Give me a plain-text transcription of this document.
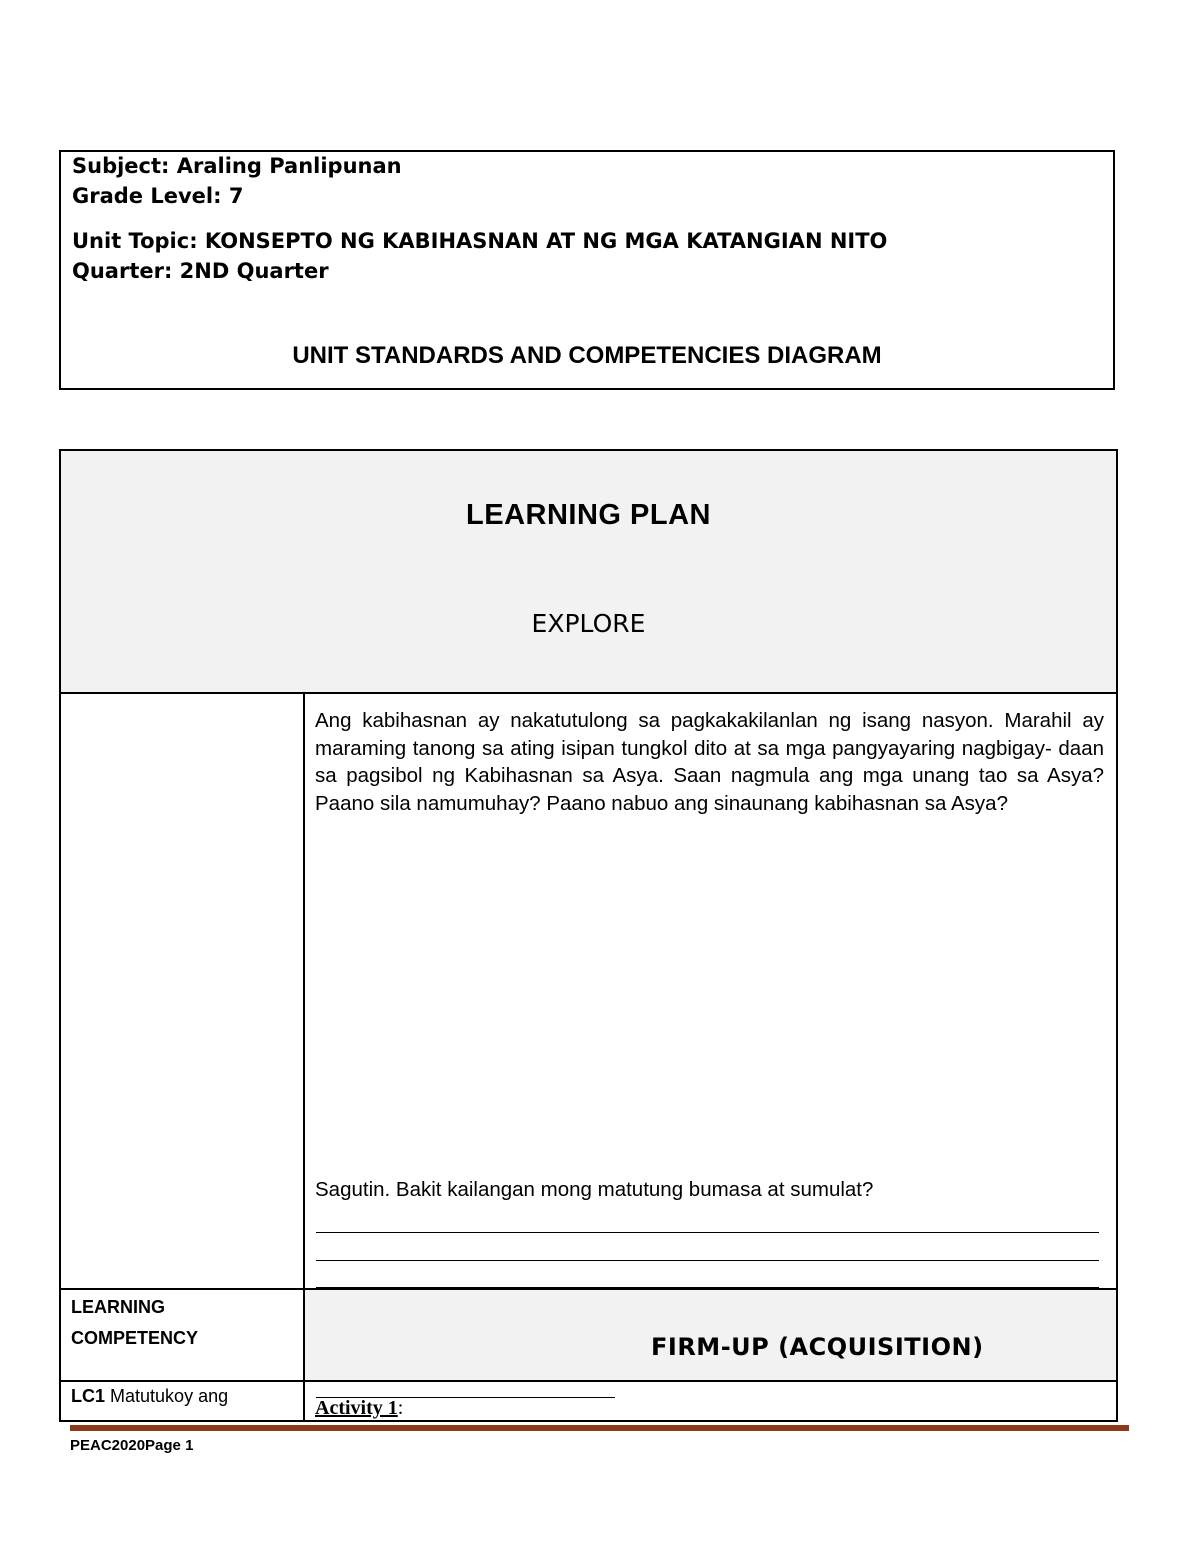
Subject: Araling Panlipunan
Grade Level: 7
Unit Topic: KONSEPTO NG KABIHASNAN AT NG MGA KATANGIAN NITO
Quarter: 2ND Quarter
UNIT STANDARDS AND COMPETENCIES DIAGRAM
LEARNING PLAN
EXPLORE
Ang kabihasnan ay nakatutulong sa pagkakakilanlan ng isang nasyon. Marahil ay maraming tanong sa ating isipan tungkol dito at sa mga pangyayaring nagbigay- daan sa pagsibol ng Kabihasnan sa Asya. Saan nagmula ang mga unang tao sa Asya? Paano sila namumuhay? Paano nabuo ang sinaunang kabihasnan sa Asya?
Sagutin. Bakit kailangan mong matutung bumasa at sumulat?
LEARNING COMPETENCY	FIRM-UP (ACQUISITION)
LC1 Matutukoy ang
Activity 1:
PEAC2020Page 1
